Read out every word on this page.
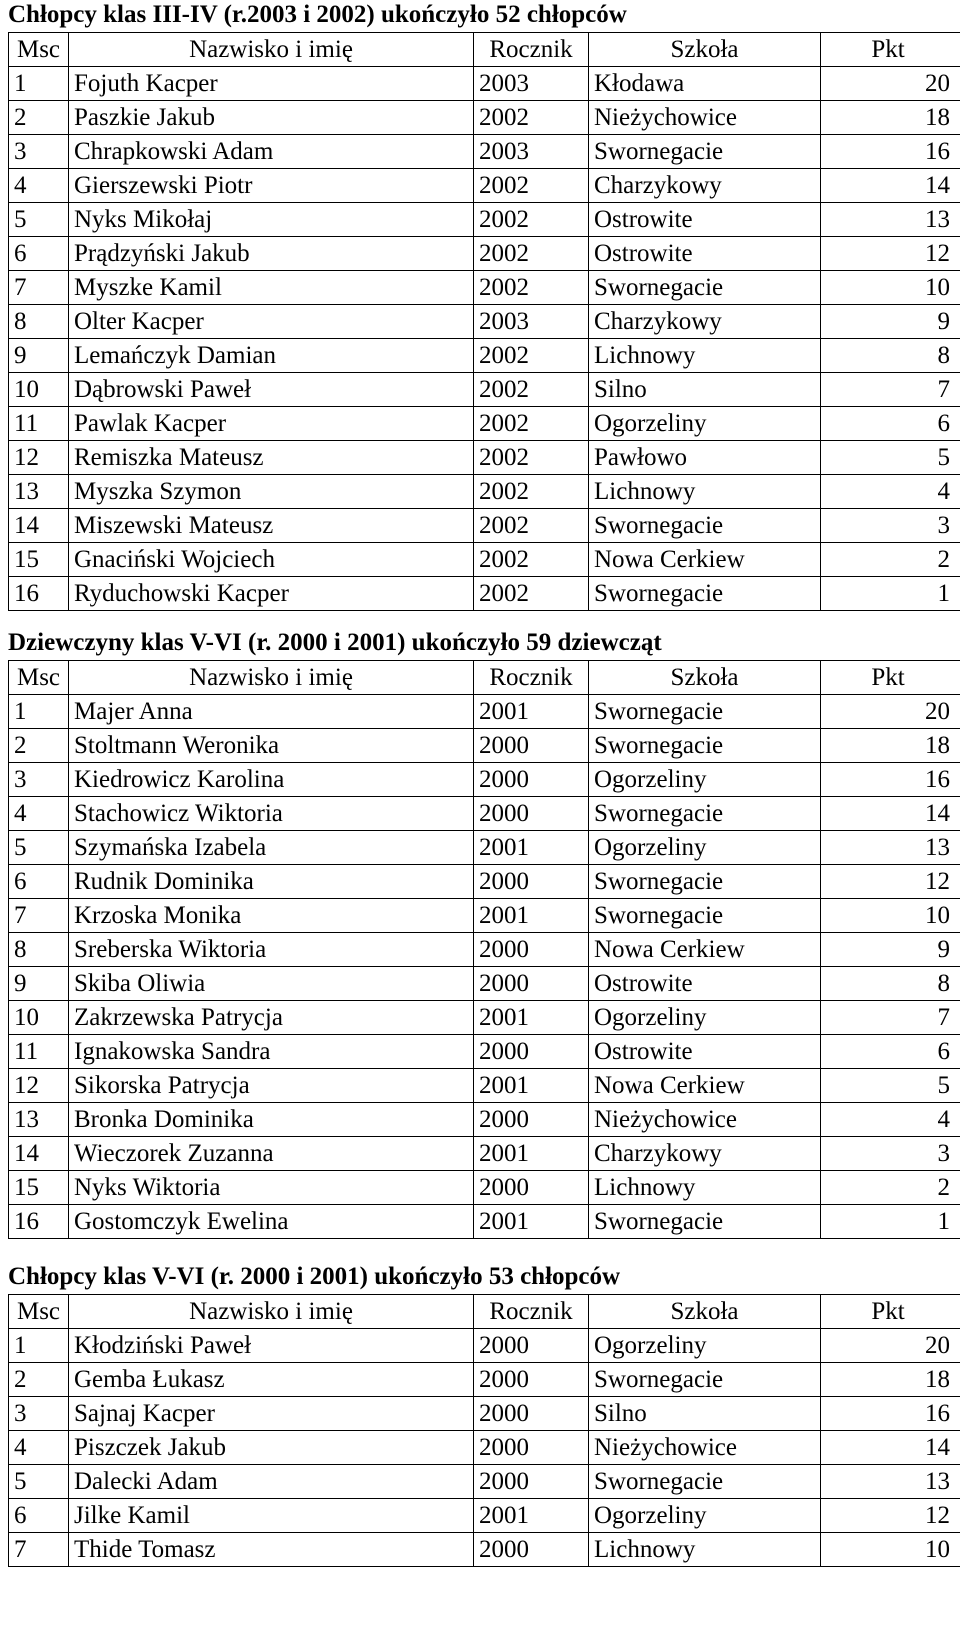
Chłopcy klas III-IV (r.2003 i 2002) ukończyło 52 chłopców
Msc	Nazwisko i imię	Rocznik	Szkoła	Pkt
1	Fojuth Kacper	2003	Kłodawa	20
2	Paszkie Jakub	2002	Nieżychowice	18
3	Chrapkowski Adam	2003	Swornegacie	16
4	Gierszewski Piotr	2002	Charzykowy	14
5	Nyks Mikołaj	2002	Ostrowite	13
6	Prądzyński Jakub	2002	Ostrowite	12
7	Myszke Kamil	2002	Swornegacie	10
8	Olter Kacper	2003	Charzykowy	9
9	Lemańczyk Damian	2002	Lichnowy	8
10	Dąbrowski Paweł	2002	Silno	7
11	Pawlak Kacper	2002	Ogorzeliny	6
12	Remiszka Mateusz	2002	Pawłowo	5
13	Myszka Szymon	2002	Lichnowy	4
14	Miszewski Mateusz	2002	Swornegacie	3
15	Gnaciński Wojciech	2002	Nowa Cerkiew	2
16	Ryduchowski Kacper	2002	Swornegacie	1
Dziewczyny klas V-VI (r. 2000 i 2001) ukończyło 59 dziewcząt
Msc	Nazwisko i imię	Rocznik	Szkoła	Pkt
1	Majer Anna	2001	Swornegacie	20
2	Stoltmann Weronika	2000	Swornegacie	18
3	Kiedrowicz Karolina	2000	Ogorzeliny	16
4	Stachowicz Wiktoria	2000	Swornegacie	14
5	Szymańska Izabela	2001	Ogorzeliny	13
6	Rudnik Dominika	2000	Swornegacie	12
7	Krzoska Monika	2001	Swornegacie	10
8	Sreberska Wiktoria	2000	Nowa Cerkiew	9
9	Skiba Oliwia	2000	Ostrowite	8
10	Zakrzewska Patrycja	2001	Ogorzeliny	7
11	Ignakowska Sandra	2000	Ostrowite	6
12	Sikorska Patrycja	2001	Nowa Cerkiew	5
13	Bronka Dominika	2000	Nieżychowice	4
14	Wieczorek Zuzanna	2001	Charzykowy	3
15	Nyks Wiktoria	2000	Lichnowy	2
16	Gostomczyk Ewelina	2001	Swornegacie	1
Chłopcy klas V-VI (r. 2000 i 2001) ukończyło 53 chłopców
Msc	Nazwisko i imię	Rocznik	Szkoła	Pkt
1	Kłodziński Paweł	2000	Ogorzeliny	20
2	Gemba Łukasz	2000	Swornegacie	18
3	Sajnaj Kacper	2000	Silno	16
4	Piszczek Jakub	2000	Nieżychowice	14
5	Dalecki Adam	2000	Swornegacie	13
6	Jilke Kamil	2001	Ogorzeliny	12
7	Thide Tomasz	2000	Lichnowy	10
